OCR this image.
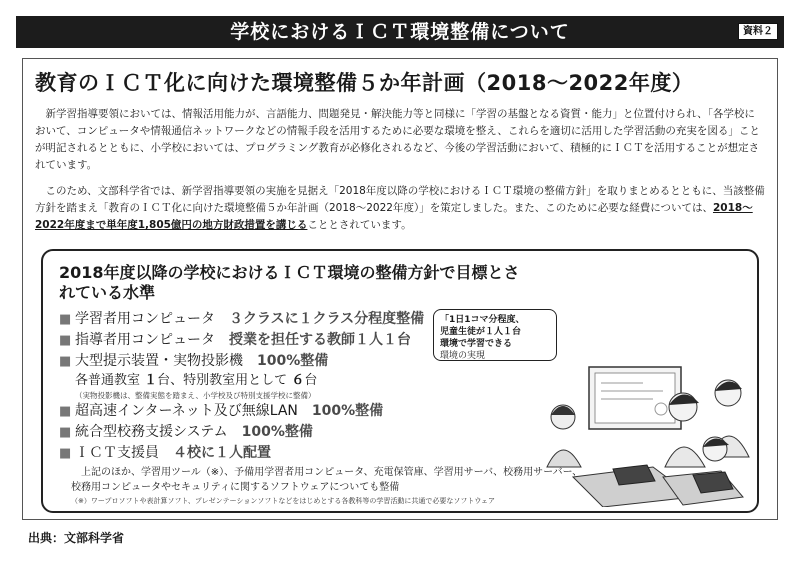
学校におけるＩＣＴ環境整備について	資料２
教育のＩＣＴ化に向けた環境整備５か年計画（2018～2022年度）

新学習指導要領においては、情報活用能力が、言語能力、問題発見・解決能力等と同様に「学習の基盤となる資質・能力」と位置付けられ、「各学校において、コンピュータや情報通信ネットワークなどの情報手段を活用するために必要な環境を整え、これらを適切に活用した学習活動の充実を図る」ことが明記されるとともに、小学校においては、プログラミング教育が必修化されるなど、今後の学習活動において、積極的にＩＣＴを活用することが想定されています。

このため、文部科学省では、新学習指導要領の実施を見据え「2018年度以降の学校におけるＩＣＴ環境の整備方針」を取りまとめるとともに、当該整備方針を踏まえ「教育のＩＣＴ化に向けた環境整備５か年計画（2018～2022年度）」を策定しました。また、このために必要な経費については、2018～2022年度まで単年度1,805億円の地方財政措置を講じることとされています。

2018年度以降の学校におけるＩＣＴ環境の整備方針で目標とされている水準
■ 学習者用コンピュータ ３クラスに１クラス分程度整備
■ 指導者用コンピュータ 授業を担任する教師１人１台
■ 大型提示装置・実物投影機 100%整備
各普通教室 １台、特別教室用として ６台
（実物投影機は、整備実態を踏まえ、小学校及び特別支援学校に整備）
■ 超高速インターネット及び無線LAN 100%整備
■ 統合型校務支援システム 100%整備
■ ＩＣＴ支援員 ４校に１人配置

上記のほか、学習用ツール（※）、予備用学習者用コンピュータ、充電保管庫、学習用サーバ、校務用サーバー、校務用コンピュータやセキュリティに関するソフトウェアについても整備

（※）ワープロソフトや表計算ソフト、プレゼンテーションソフトなどをはじめとする各教科等の学習活動に共通で必要なソフトウェア

「1日1コマ分程度、
児童生徒が１人１台
環境で学習できる
環境の実現
出典：文部科学省
